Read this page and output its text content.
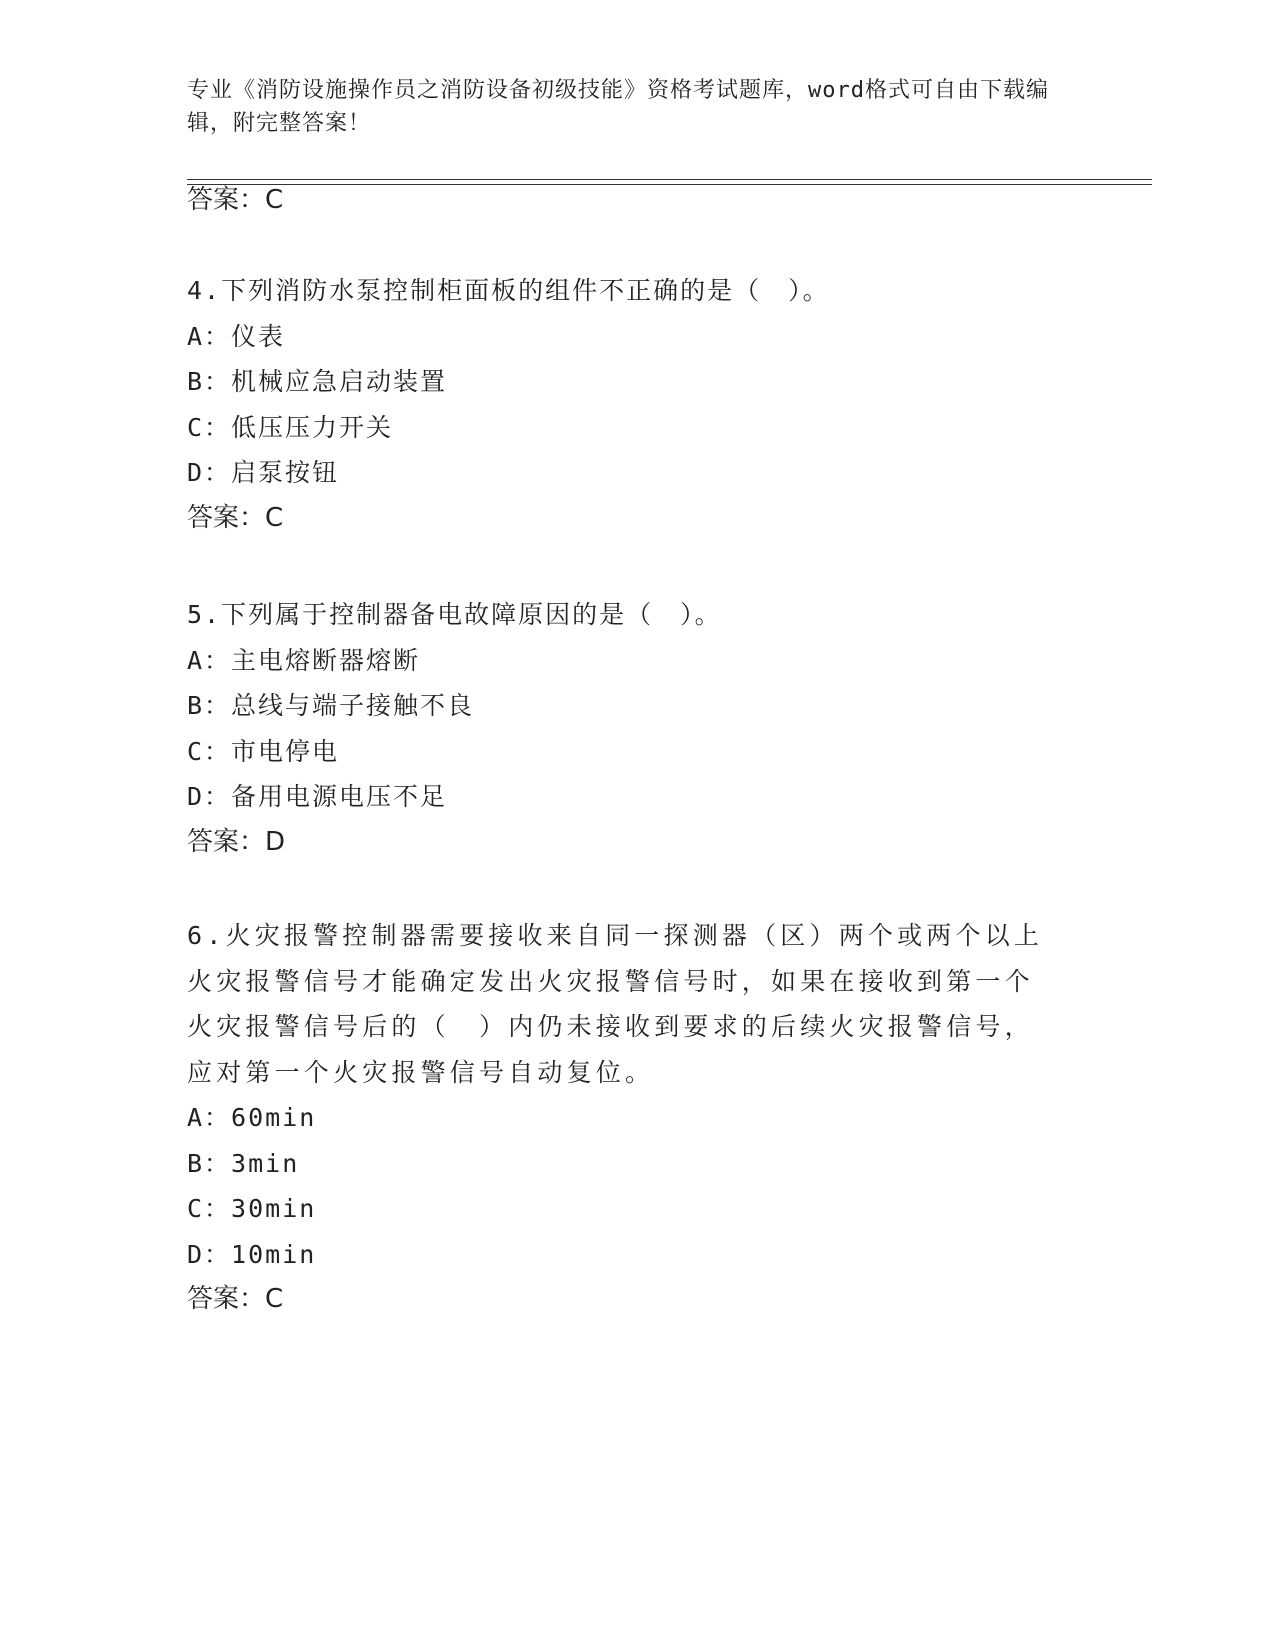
专业《消防设施操作员之消防设备初级技能》资格考试题库，word格式可自由下载编辑，附完整答案！
答案：C
4.下列消防水泵控制柜面板的组件不正确的是（　）。
A：仪表
B：机械应急启动装置
C：低压压力开关
D：启泵按钮
答案：C
5.下列属于控制器备电故障原因的是（　）。
A：主电熔断器熔断
B：总线与端子接触不良
C：市电停电
D：备用电源电压不足
答案：D
6.火灾报警控制器需要接收来自同一探测器（区）两个或两个以上火灾报警信号才能确定发出火灾报警信号时，如果在接收到第一个火灾报警信号后的（　）内仍未接收到要求的后续火灾报警信号，应对第一个火灾报警信号自动复位。
A：60min
B：3min
C：30min
D：10min
答案：C
